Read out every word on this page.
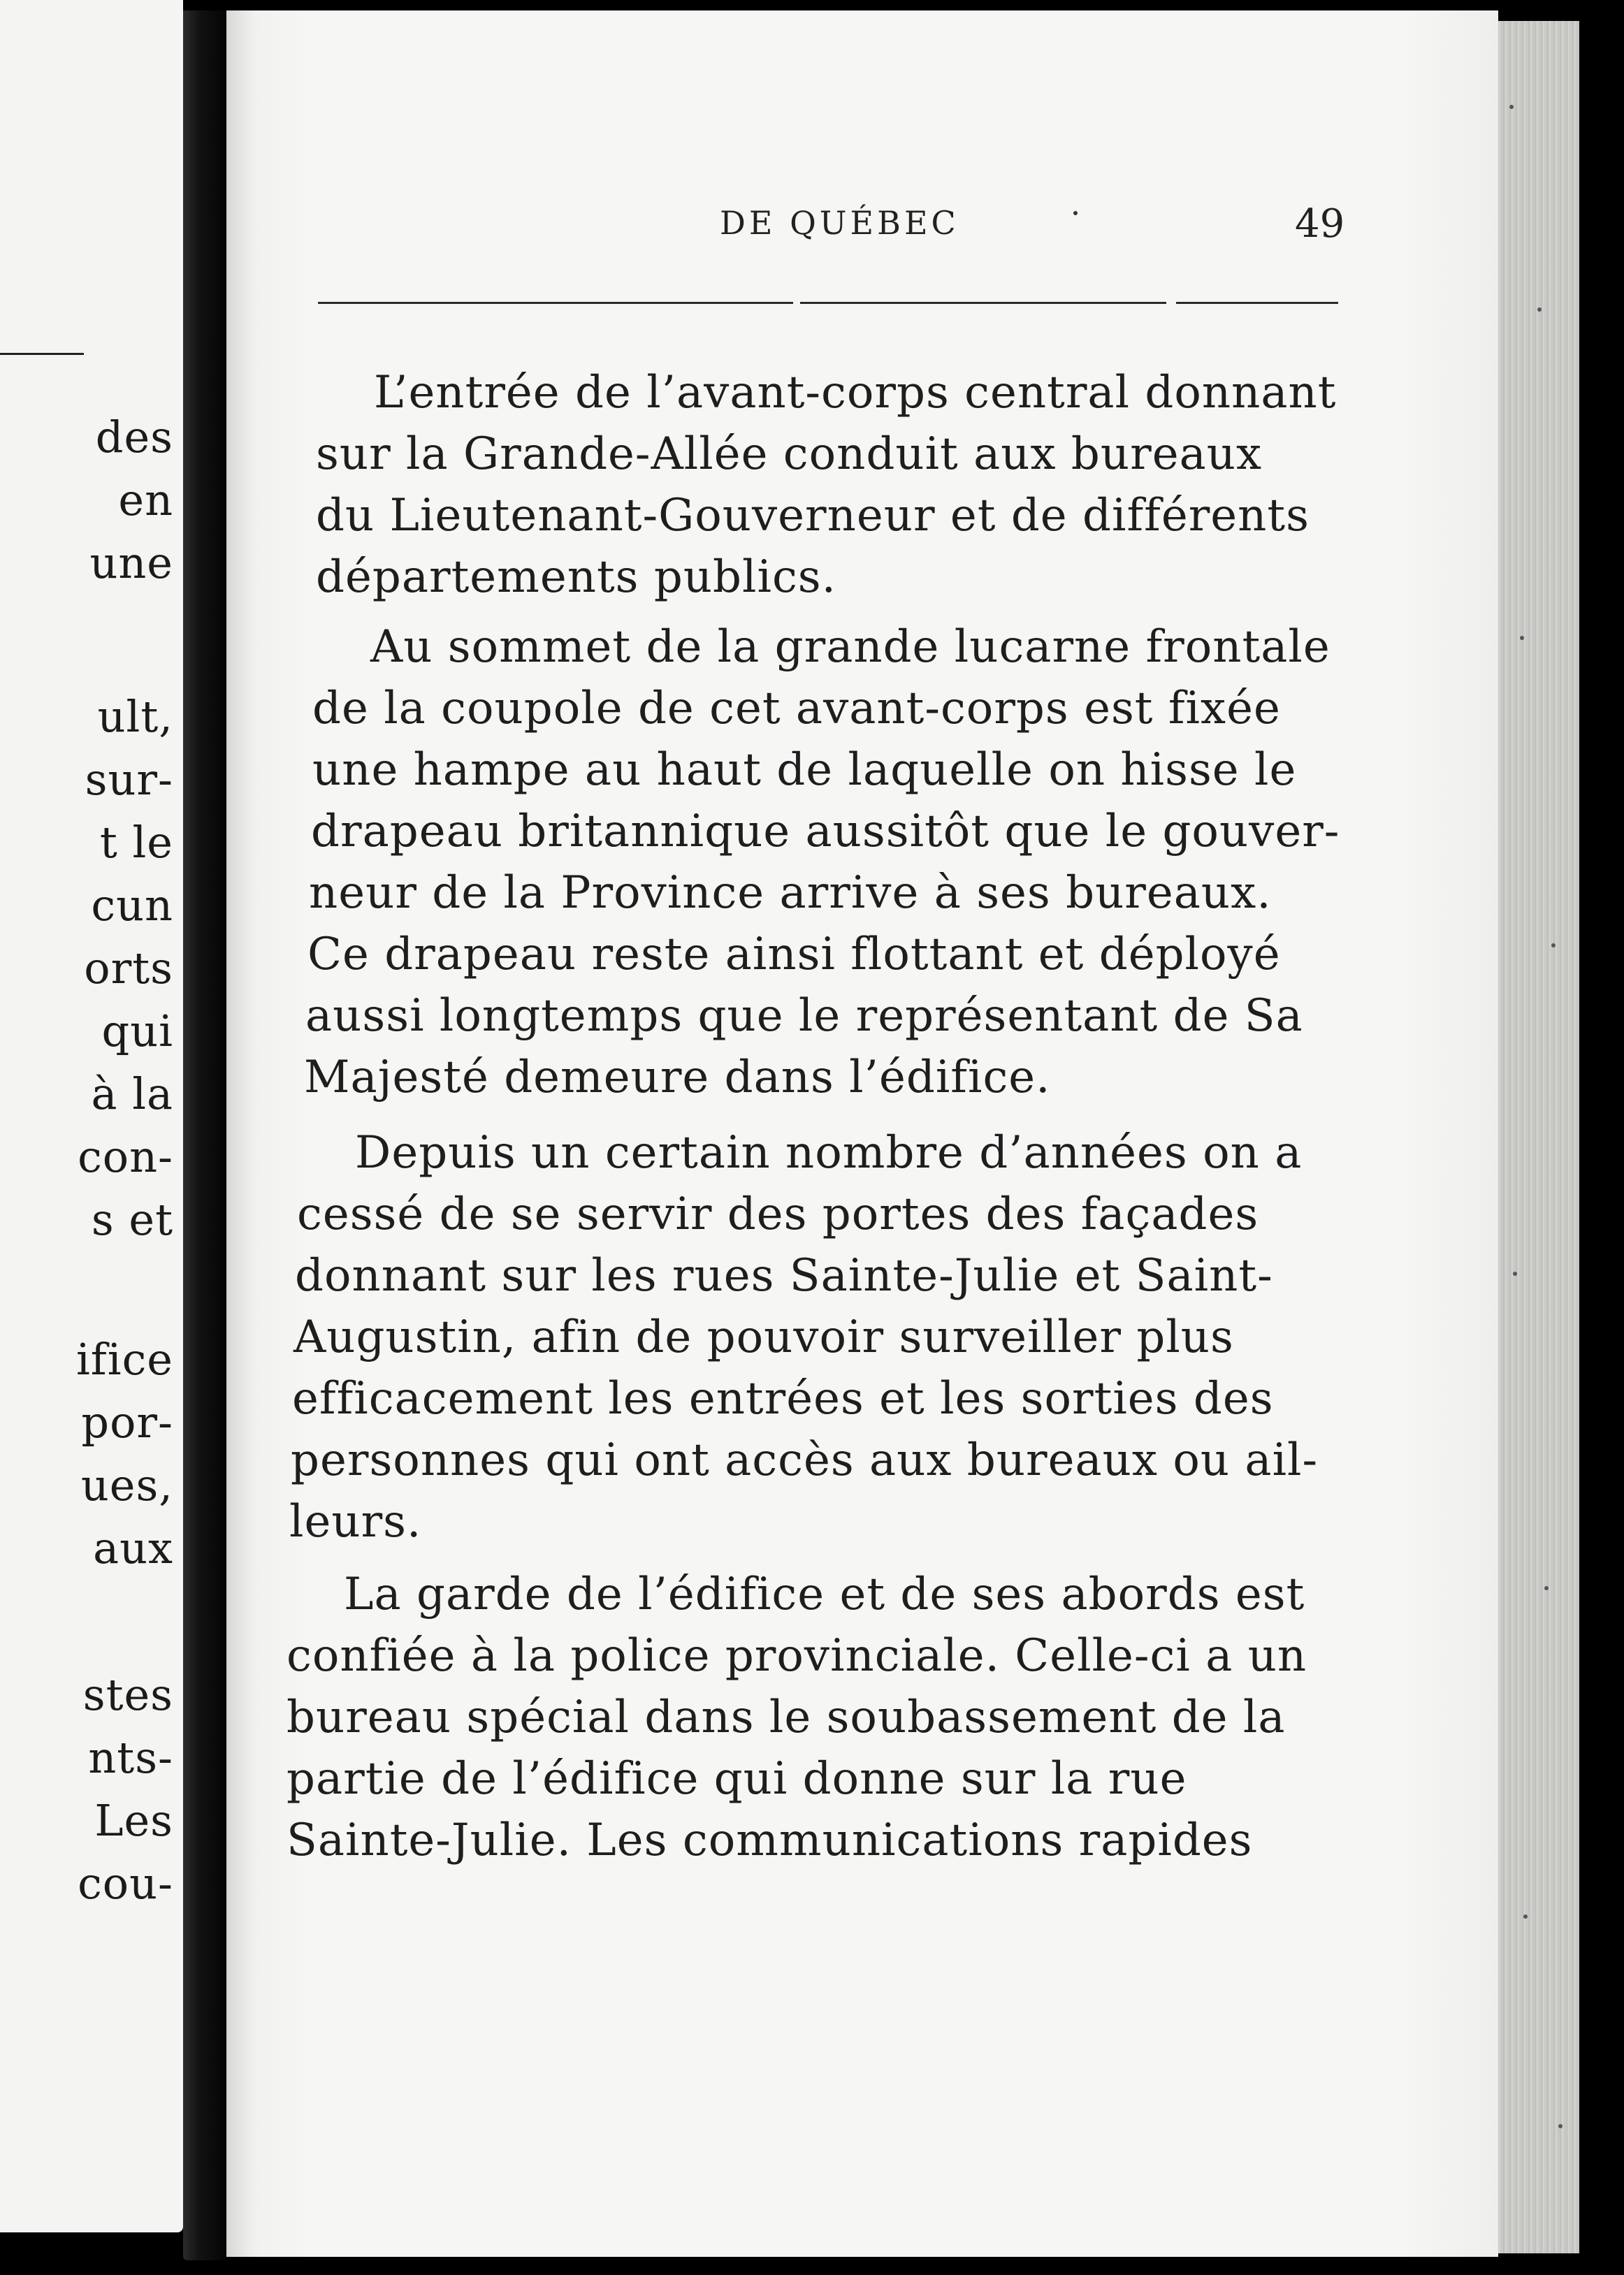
des
en
une
ult,
sur-
t le
cun
orts
qui
à la
con-
s et
ifice
por-
ues,
aux
stes
nts-
Les
cou-
DE QUÉBEC	49
L’entrée de l’avant-corps central donnant
sur la Grande-Allée conduit aux bureaux
du Lieutenant-Gouverneur et de différents
départements publics.
Au sommet de la grande lucarne frontale
de la coupole de cet avant-corps est fixée
une hampe au haut de laquelle on hisse le
drapeau britannique aussitôt que le gouver-
neur de la Province arrive à ses bureaux.
Ce drapeau reste ainsi flottant et déployé
aussi longtemps que le représentant de Sa
Majesté demeure dans l’édifice.
Depuis un certain nombre d’années on a
cessé de se servir des portes des façades
donnant sur les rues Sainte-Julie et Saint-
Augustin, afin de pouvoir surveiller plus
efficacement les entrées et les sorties des
personnes qui ont accès aux bureaux ou ail-
leurs.
La garde de l’édifice et de ses abords est
confiée à la police provinciale. Celle-ci a un
bureau spécial dans le soubassement de la
partie de l’édifice qui donne sur la rue
Sainte-Julie. Les communications rapides
